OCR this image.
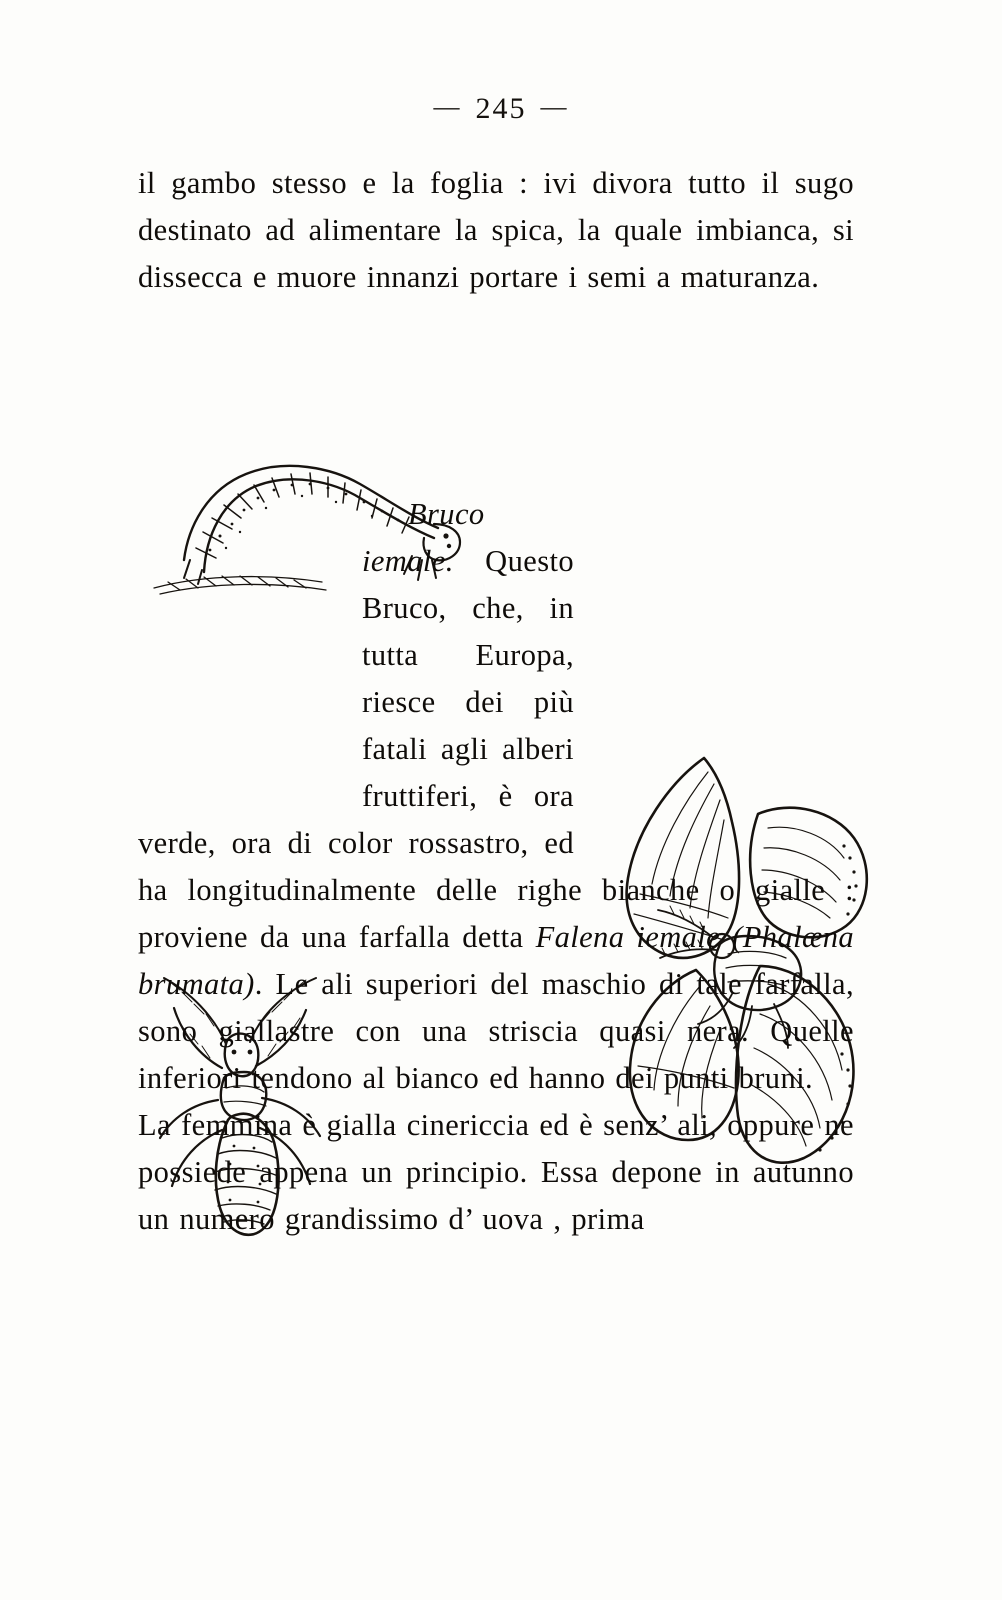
— 245 —

il gambo stesso e la foglia : ivi divora tutto il sugo destinato ad alimentare la spica, la quale imbianca, si dissecca e muore innanzi portare i semi a maturanza.

Bruco iemale. Questo Bruco, che, in tutta Europa, riesce dei più fatali agli alberi fruttiferi, è ora verde, ora di color rossastro, ed ha longitudinalmente delle righe bianche o gialle : proviene da una farfalla detta Falena iemale (Phalæna brumata). Le ali superiori del maschio di tale farfalla, sono giallastre con una striscia quasi nera. Quelle inferiori tendono al bianco ed hanno dei punti bruni.

La femmina è gialla cinericcia ed è senz’ ali, oppure ne possiede appena un principio. Essa depone in autunno un numero grandissimo d’ uova , prima
